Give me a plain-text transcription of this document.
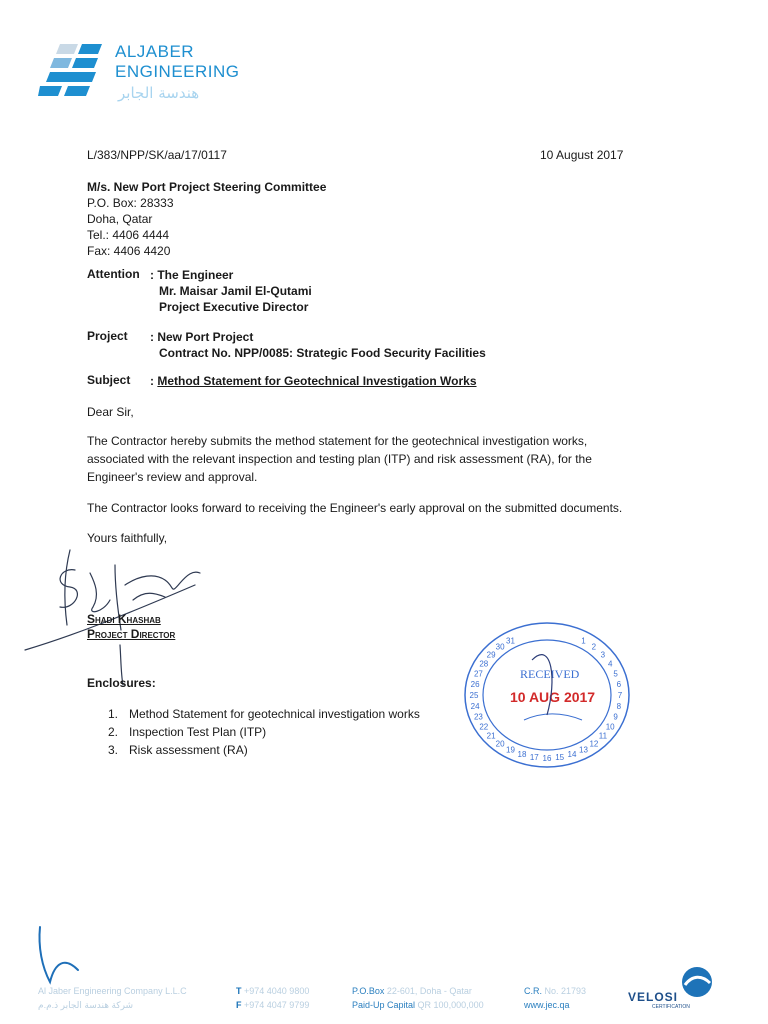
ALJABER
ENGINEERING
هندسة الجابر
L/383/NPP/SK/aa/17/0117	10 August 2017
M/s. New Port Project Steering Committee
P.O. Box: 28333
Doha, Qatar
Tel.: 4406 4444
Fax: 4406 4420
Attention : The Engineer
Mr. Maisar Jamil El-Qutami
Project Executive Director
Project : New Port Project
Contract No. NPP/0085: Strategic Food Security Facilities
Subject : Method Statement for Geotechnical Investigation Works
Dear Sir,
The Contractor hereby submits the method statement for the geotechnical investigation works, associated with the relevant inspection and testing plan (ITP) and risk assessment (RA), for the Engineer's review and approval.
The Contractor looks forward to receiving the Engineer's early approval on the submitted documents.
Yours faithfully,
Shadi Khashab
Project Director
Enclosures:
1. Method Statement for geotechnical investigation works
2. Inspection Test Plan (ITP)
3. Risk assessment (RA)
1
2
3
4
5
6
7
8
9
10
11
12
13
14
15
16
17
18
19
20
21
22
23
24
25
26
27
28
29
30
31
RECEIVED
10 AUG 2017
Al Jaber Engineering Company L.L.C
شركة هندسة الجابر ذ.م.م
T +974 4040 9800
F +974 4047 9799
P.O.Box 22-601, Doha - Qatar
Paid-Up Capital QR 100,000,000
C.R. No. 21793
www.jec.qa
VELOSI
CERTIFICATION
